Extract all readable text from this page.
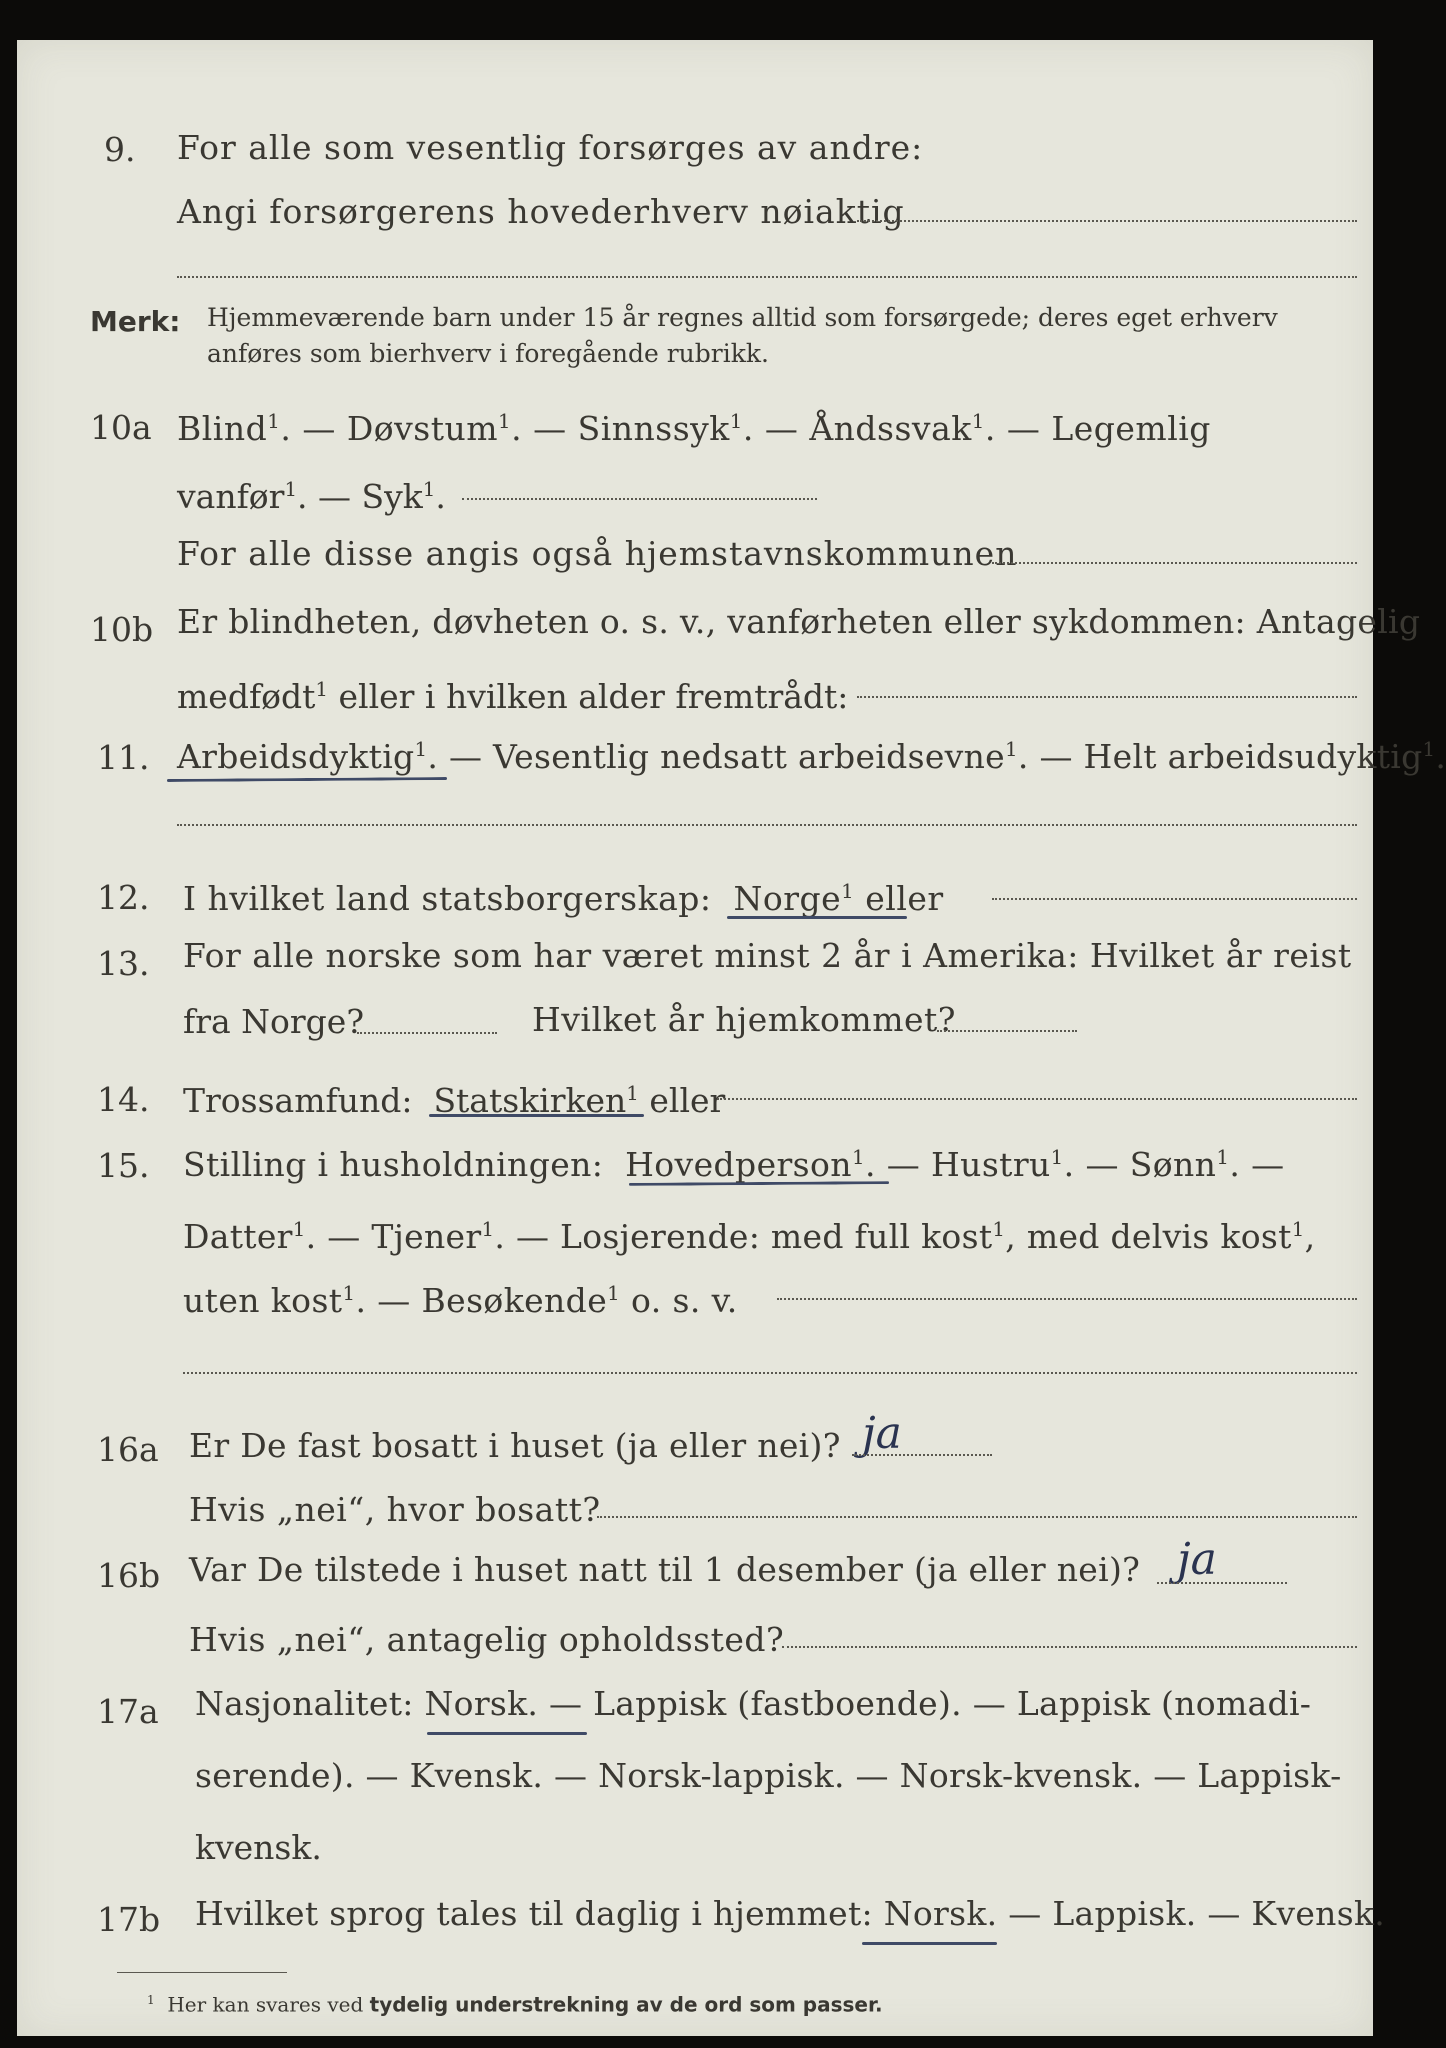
9. For alle som vesentlig forsørges av andre:
Angi forsørgerens hovederhverv nøiaktig
Merk: Hjemmeværende barn under 15 år regnes alltid som forsørgede; deres eget erhverv
anføres som bierhverv i foregående rubrikk.
10a Blind$^1$. — Døvstum$^1$. — Sinnssyk$^1$. — Åndssvak$^1$. — Legemlig
vanfør$^1$. — Syk$^1$.
For alle disse angis også hjemstavnskommunen
10b Er blindheten, døvheten o. s. v., vanførheten eller sykdommen: Antagelig
medfødt$^1$ eller i hvilken alder fremtrådt:
11. Arbeidsdyktig$^1$. — Vesentlig nedsatt arbeidsevne$^1$. — Helt arbeidsudyktig$^1$.
12. I hvilket land statsborgerskap: Norge$^1$ eller
13. For alle norske som har været minst 2 år i Amerika: Hvilket år reist
fra Norge?	Hvilket år hjemkommet?
14. Trossamfund: Statskirken$^1$ eller
15. Stilling i husholdningen: Hovedperson$^1$. — Hustru$^1$. — Sønn$^1$. —
Datter$^1$. — Tjener$^1$. — Losjerende: med full kost$^1$, med delvis kost$^1$,
uten kost$^1$. — Besøkende$^1$ o. s. v.
16a Er De fast bosatt i huset (ja eller nei)? ja
Hvis „nei“, hvor bosatt?
16b Var De tilstede i huset natt til 1 desember (ja eller nei)? ja
Hvis „nei“, antagelig opholdssted?
17a Nasjonalitet: Norsk. — Lappisk (fastboende). — Lappisk (nomadi-
serende). — Kvensk. — Norsk-lappisk. — Norsk-kvensk. — Lappisk-
kvensk.
17b Hvilket sprog tales til daglig i hjemmet: Norsk. — Lappisk. — Kvensk.
$^1$ Her kan svares ved tydelig understrekning av de ord som passer.
